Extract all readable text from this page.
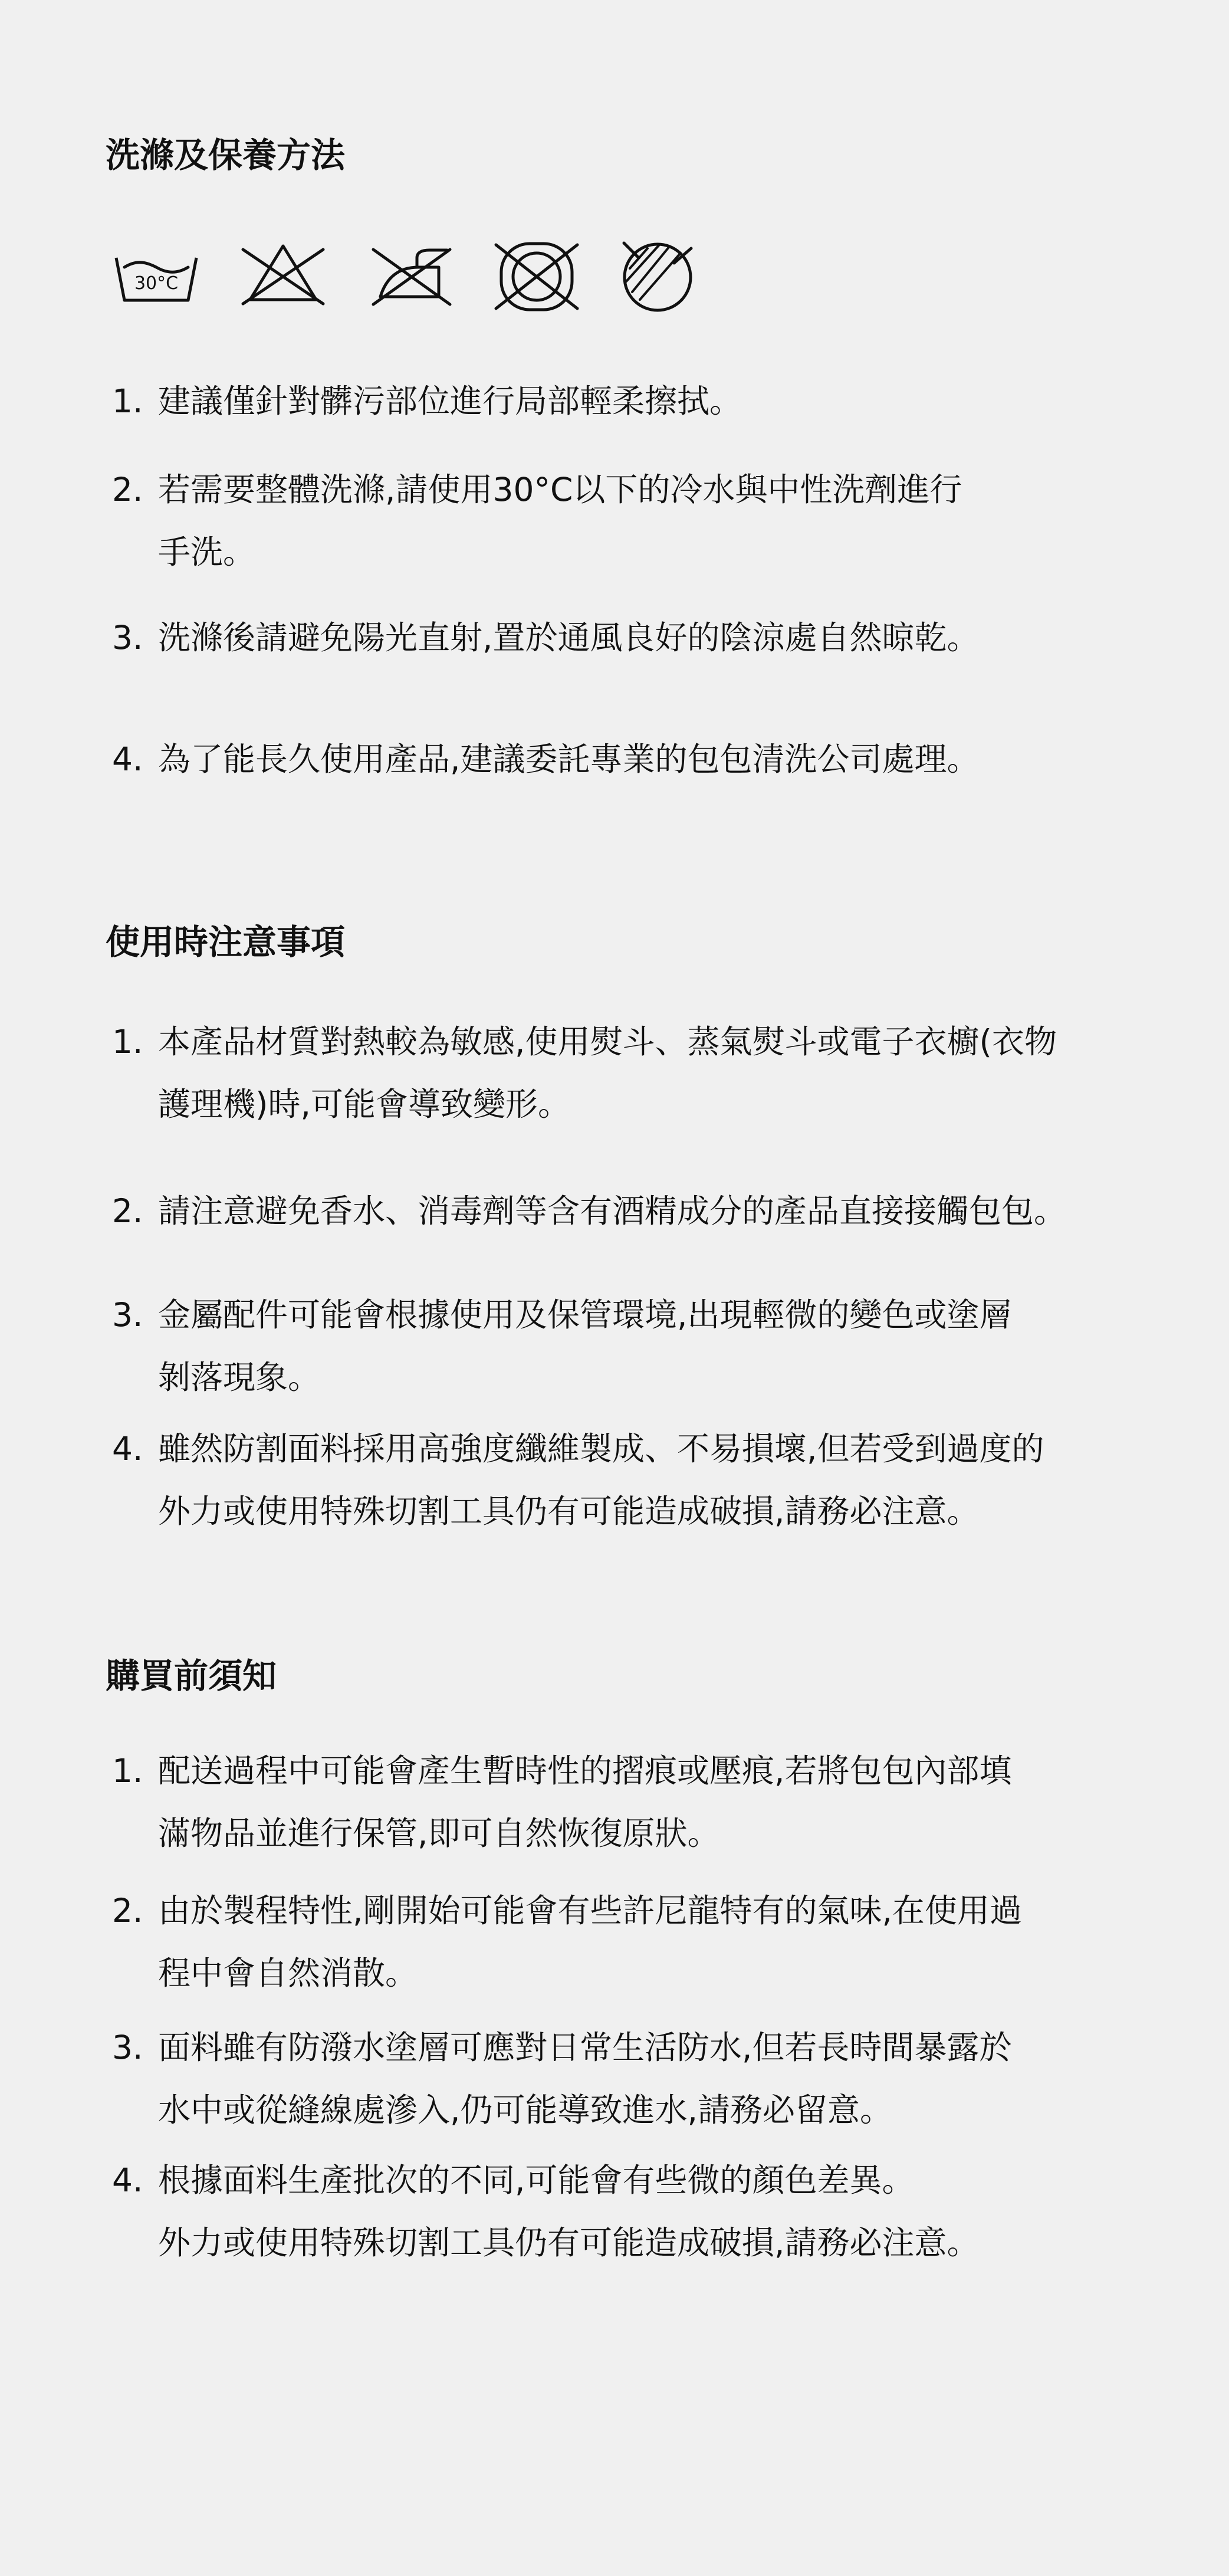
洗滌及保養方法
30°C
1. 建議僅針對髒污部位進行局部輕柔擦拭。
2. 若需要整體洗滌,請使用30°C以下的冷水與中性洗劑進行
手洗。
3. 洗滌後請避免陽光直射,置於通風良好的陰涼處自然晾乾。
4. 為了能長久使用產品,建議委託專業的包包清洗公司處理。
使用時注意事項
1. 本產品材質對熱較為敏感,使用熨斗、蒸氣熨斗或電子衣櫥(衣物
護理機)時,可能會導致變形。
2. 請注意避免香水、消毒劑等含有酒精成分的產品直接接觸包包。
3. 金屬配件可能會根據使用及保管環境,出現輕微的變色或塗層
剝落現象。
4. 雖然防割面料採用高強度纖維製成、不易損壞,但若受到過度的
外力或使用特殊切割工具仍有可能造成破損,請務必注意。
購買前須知
1. 配送過程中可能會產生暫時性的摺痕或壓痕,若將包包內部填
滿物品並進行保管,即可自然恢復原狀。
2. 由於製程特性,剛開始可能會有些許尼龍特有的氣味,在使用過
程中會自然消散。
3. 面料雖有防潑水塗層可應對日常生活防水,但若長時間暴露於
水中或從縫線處滲入,仍可能導致進水,請務必留意。
4. 根據面料生產批次的不同,可能會有些微的顏色差異。
外力或使用特殊切割工具仍有可能造成破損,請務必注意。
